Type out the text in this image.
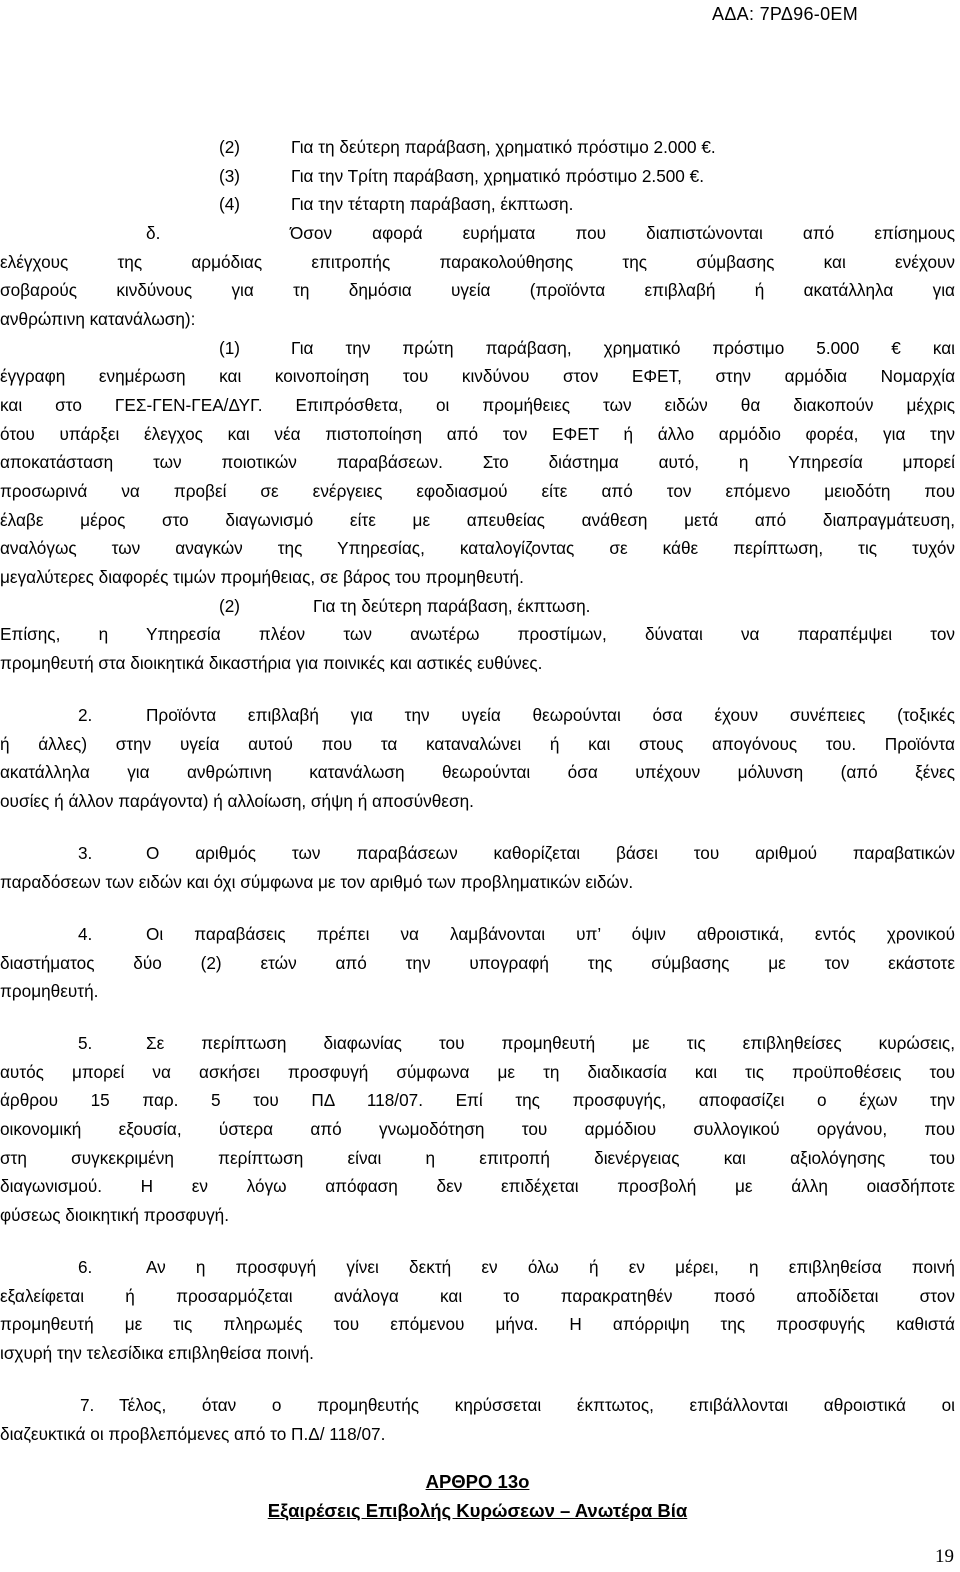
ΑΔΑ: 7ΡΔ96-0ΕΜ
(2)	Για τη δεύτερη παράβαση, χρηματικό πρόστιμο 2.000 €.
(3)	Για την Τρίτη παράβαση, χρηματικό πρόστιμο 2.500 €.
(4)	Για την τέταρτη παράβαση, έκπτωση.
δ.	Όσον αφορά ευρήματα που διαπιστώνονται από επίσημους
ελέγχους της αρμόδιας επιτροπής παρακολούθησης της σύμβασης και ενέχουν
σοβαρούς κινδύνους για τη δημόσια υγεία (προϊόντα επιβλαβή ή ακατάλληλα για
ανθρώπινη κατανάλωση):
(1)	Για την πρώτη παράβαση, χρηματικό πρόστιμο 5.000 € και
έγγραφη ενημέρωση και κοινοποίηση του κινδύνου στον ΕΦΕΤ, στην αρμόδια Νομαρχία
και στο ΓΕΣ-ΓΕΝ-ΓΕΑ/ΔΥΓ. Επιπρόσθετα, οι προμήθειες των ειδών θα διακοπούν μέχρις
ότου υπάρξει έλεγχος και νέα πιστοποίηση από τον ΕΦΕΤ ή άλλο αρμόδιο φορέα, για την
αποκατάσταση των ποιοτικών παραβάσεων. Στο διάστημα αυτό, η Υπηρεσία μπορεί
προσωρινά να προβεί σε ενέργειες εφοδιασμού είτε από τον επόμενο μειοδότη που
έλαβε μέρος στο διαγωνισμό είτε με απευθείας ανάθεση μετά από διαπραγμάτευση,
αναλόγως των αναγκών της Υπηρεσίας, καταλογίζοντας σε κάθε περίπτωση, τις τυχόν
μεγαλύτερες διαφορές τιμών προμήθειας, σε βάρος του προμηθευτή.
(2)	Για τη δεύτερη παράβαση, έκπτωση.
Επίσης, η Υπηρεσία πλέον των ανωτέρω προστίμων, δύναται να παραπέμψει τον
προμηθευτή στα διοικητικά δικαστήρια για ποινικές και αστικές ευθύνες.
2.	Προϊόντα επιβλαβή για την υγεία θεωρούνται όσα έχουν συνέπειες (τοξικές
ή άλλες) στην υγεία αυτού που τα καταναλώνει ή και στους απογόνους του. Προϊόντα
ακατάλληλα για ανθρώπινη κατανάλωση θεωρούνται όσα υπέχουν μόλυνση (από ξένες
ουσίες ή άλλον παράγοντα) ή αλλοίωση, σήψη ή αποσύνθεση.
3.	Ο αριθμός των παραβάσεων καθορίζεται βάσει του αριθμού παραβατικών
παραδόσεων των ειδών και όχι σύμφωνα με τον αριθμό των προβληματικών ειδών.
4.	Οι παραβάσεις πρέπει να λαμβάνονται υπ’ όψιν αθροιστικά, εντός χρονικού
διαστήματος δύο (2) ετών από την υπογραφή της σύμβασης με τον εκάστοτε
προμηθευτή.
5.	Σε περίπτωση διαφωνίας του προμηθευτή με τις επιβληθείσες κυρώσεις,
αυτός μπορεί να ασκήσει προσφυγή σύμφωνα με τη διαδικασία και τις προϋποθέσεις του
άρθρου 15 παρ. 5 του ΠΔ 118/07. Επί της προσφυγής, αποφασίζει ο έχων την
οικονομική εξουσία, ύστερα από γνωμοδότηση του αρμόδιου συλλογικού οργάνου, που
στη συγκεκριμένη περίπτωση είναι η επιτροπή διενέργειας και αξιολόγησης του
διαγωνισμού. Η εν λόγω απόφαση δεν επιδέχεται προσβολή με άλλη οιασδήποτε
φύσεως διοικητική προσφυγή.
6.	Αν η προσφυγή γίνει δεκτή εν όλω ή εν μέρει, η επιβληθείσα ποινή
εξαλείφεται ή προσαρμόζεται ανάλογα και το παρακρατηθέν ποσό αποδίδεται στον
προμηθευτή με τις πληρωμές του επόμενου μήνα. Η απόρριψη της προσφυγής καθιστά
ισχυρή την τελεσίδικα επιβληθείσα ποινή.
7. Τέλος, όταν ο προμηθευτής κηρύσσεται έκπτωτος, επιβάλλονται αθροιστικά οι
διαζευκτικά οι προβλεπόμενες από το Π.Δ/ 118/07.
ΑΡΘΡΟ 13ο
Εξαιρέσεις Επιβολής Κυρώσεων – Ανωτέρα Βία
19
